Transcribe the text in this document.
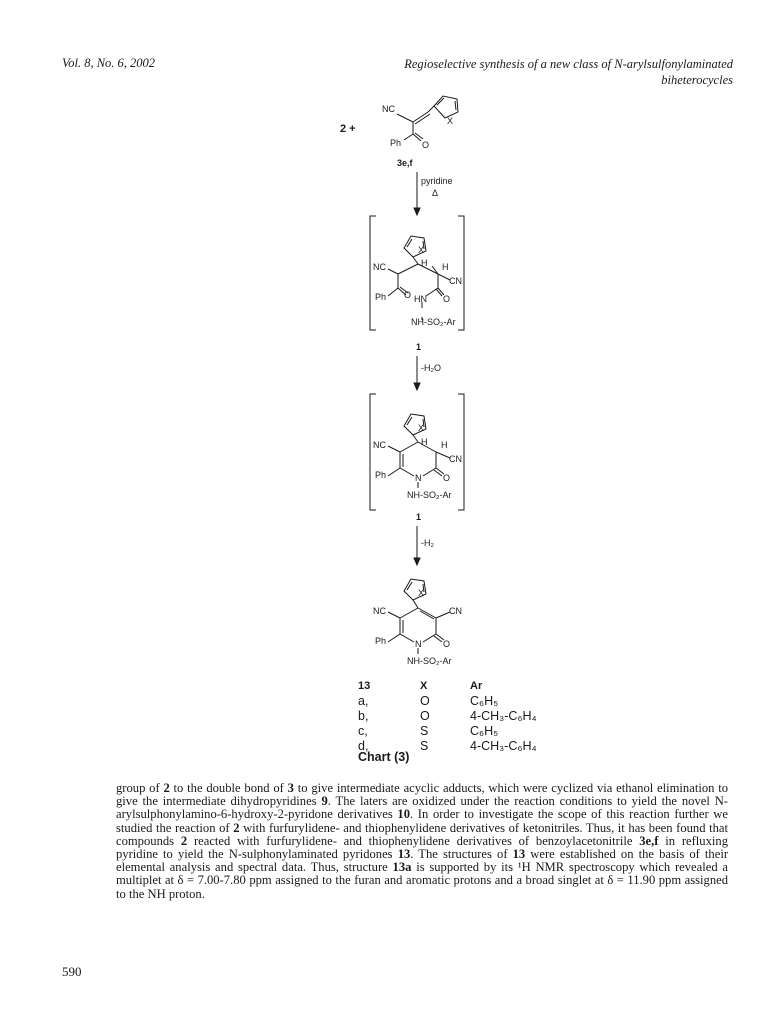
Vol. 8, No. 6, 2002	Regioselective synthesis of a new class of N-arylsulfonylaminated
biheterocycles
2 +
NC
X
Ph O
3e,f
pyridine
Δ
X
H H
NC
CN
Ph O	O
HN
NH-SO₂-Ar
1
-H₂O
X
H H
NC
CN
Ph	N O
NH-SO₂-Ar
1
-H₂
X
NC	CN
Ph	N O
NH-SO₂-Ar
13	X	Ar
a,	O	C₆H₅
b,	O	4-CH₃-C₆H₄
c,	S	C₆H₅
d,	S	4-CH₃-C₆H₄
Chart (3)
group of 2 to the double bond of 3 to give intermediate acyclic adducts, which were cyclized via ethanol elimination to give the intermediate dihydropyridines 9. The laters are oxidized under the reaction conditions to yield the novel N-arylsulphonylamino-6-hydroxy-2-pyridone derivatives 10. In order to investigate the scope of this reaction further we studied the reaction of 2 with furfurylidene- and thiophenylidene derivatives of ketonitriles. Thus, it has been found that compounds 2 reacted with furfurylidene- and thiophenylidene derivatives of benzoylacetonitrile 3e,f in refluxing pyridine to yield the N-sulphonylaminated pyridones 13. The structures of 13 were established on the basis of their elemental analysis and spectral data. Thus, structure 13a is supported by its ¹H NMR spectroscopy which revealed a multiplet at δ = 7.00-7.80 ppm assigned to the furan and aromatic protons and a broad singlet at δ = 11.90 ppm assigned to the NH proton.
590
